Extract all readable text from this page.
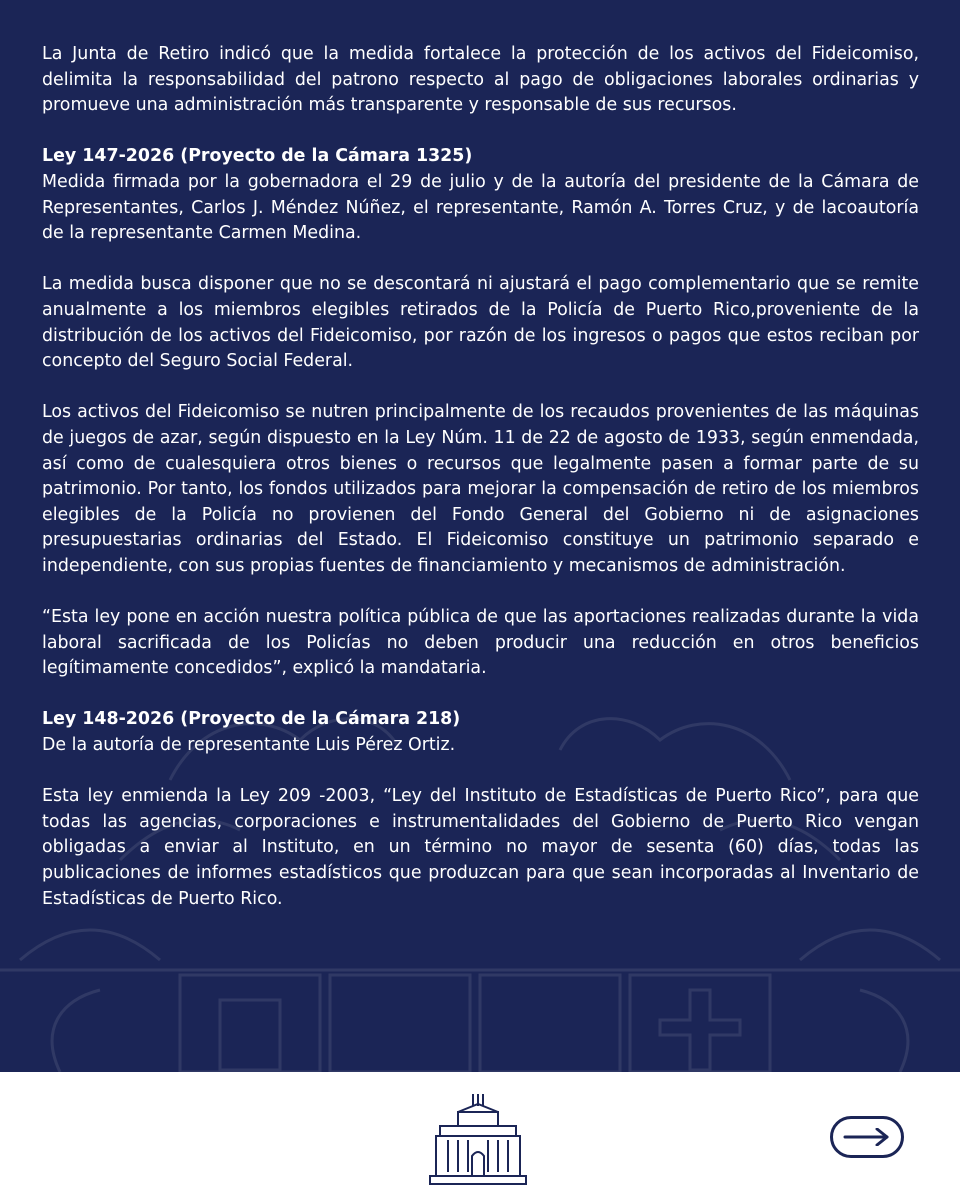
La Junta de Retiro indicó que la medida fortalece la protección de los activos del Fideicomiso, delimita la responsabilidad del patrono respecto al pago de obligaciones laborales ordinarias y promueve una administración más transparente y responsable de sus recursos.

Ley 147-2026 (Proyecto de la Cámara 1325)
Medida firmada por la gobernadora el 29 de julio y de la autoría del presidente de la Cámara de Representantes, Carlos J. Méndez Núñez, el representante, Ramón A. Torres Cruz, y de lacoautoría de la representante Carmen Medina.

La medida busca disponer que no se descontará ni ajustará el pago complementario que se remite anualmente a los miembros elegibles retirados de la Policía de Puerto Rico,proveniente de la distribución de los activos del Fideicomiso, por razón de los ingresos o pagos que estos reciban por concepto del Seguro Social Federal.

Los activos del Fideicomiso se nutren principalmente de los recaudos provenientes de las máquinas de juegos de azar, según dispuesto en la Ley Núm. 11 de 22 de agosto de 1933, según enmendada, así como de cualesquiera otros bienes o recursos que legalmente pasen a formar parte de su patrimonio. Por tanto, los fondos utilizados para mejorar la compensación de retiro de los miembros elegibles de la Policía no provienen del Fondo General del Gobierno ni de asignaciones presupuestarias ordinarias del Estado. El Fideicomiso constituye un patrimonio separado e independiente, con sus propias fuentes de financiamiento y mecanismos de administración.

“Esta ley pone en acción nuestra política pública de que las aportaciones realizadas durante la vida laboral sacrificada de los Policías no deben producir una reducción en otros beneficios legítimamente concedidos”, explicó la mandataria.

Ley 148-2026 (Proyecto de la Cámara 218)
De la autoría de representante Luis Pérez Ortiz.

Esta ley enmienda la Ley 209 -2003, “Ley del Instituto de Estadísticas de Puerto Rico”, para que todas las agencias, corporaciones e instrumentalidades del Gobierno de Puerto Rico vengan obligadas a enviar al Instituto, en un término no mayor de sesenta (60) días, todas las publicaciones de informes estadísticos que produzcan para que sean incorporadas al Inventario de Estadísticas de Puerto Rico.
